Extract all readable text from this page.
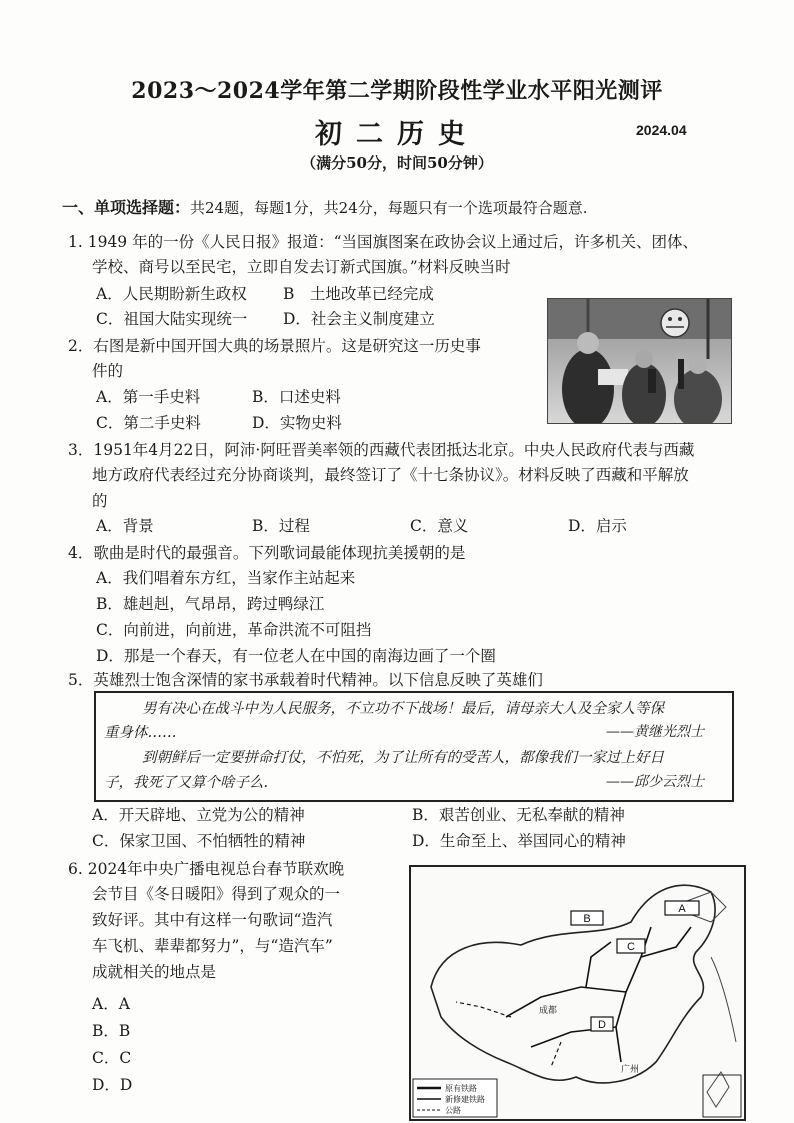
2023～2024学年第二学期阶段性学业水平阳光测评
初二历史	2024.04
（满分50分，时间50分钟）
一、单项选择题：共24题，每题1分，共24分，每题只有一个选项最符合题意.
1. 1949 年的一份《人民日报》报道：“当国旗图案在政协会议上通过后，许多机关、团体、
学校、商号以至民宅，立即自发去订新式国旗。”材料反映当时
A．人民期盼新生政权 B　土地改革已经完成
C．祖国大陆实现统一 D．社会主义制度建立
2．右图是新中国开国大典的场景照片。这是研究这一历史事
件的
A．第一手史料	B．口述史料
C．第二手史料	D．实物史料
3．1951年4月22日，阿沛·阿旺晋美率领的西藏代表团抵达北京。中央人民政府代表与西藏
地方政府代表经过充分协商谈判，最终签订了《十七条协议》。材料反映了西藏和平解放
的
A．背景	B．过程	C．意义	D．启示
4．歌曲是时代的最强音。下列歌词最能体现抗美援朝的是
A．我们唱着东方红，当家作主站起来
B．雄赳赳，气昂昂，跨过鸭绿江
C．向前进，向前进，革命洪流不可阻挡
D．那是一个春天，有一位老人在中国的南海边画了一个圈
5．英雄烈士饱含深情的家书承载着时代精神。以下信息反映了英雄们
男有决心在战斗中为人民服务，不立功不下战场！最后，请母亲大人及全家人等保
重身体……	——黄继光烈士
到朝鲜后一定要拼命打仗，不怕死，为了让所有的受苦人，都像我们一家过上好日
子，我死了又算个啥子么.	——邱少云烈士
A．开天辟地、立党为公的精神	B．艰苦创业、无私奉献的精神
C．保家卫国、不怕牺牲的精神	D．生命至上、举国同心的精神
6. 2024年中央广播电视总台春节联欢晚
会节目《冬日暖阳》得到了观众的一
致好评。其中有这样一句歌词“造汽
车飞机、辈辈都努力”，与“造汽车”
成就相关的地点是
A．A
B．B
C．C
D．D
A
B
C
D
广州
成都
原有铁路
新修建铁路
公路
